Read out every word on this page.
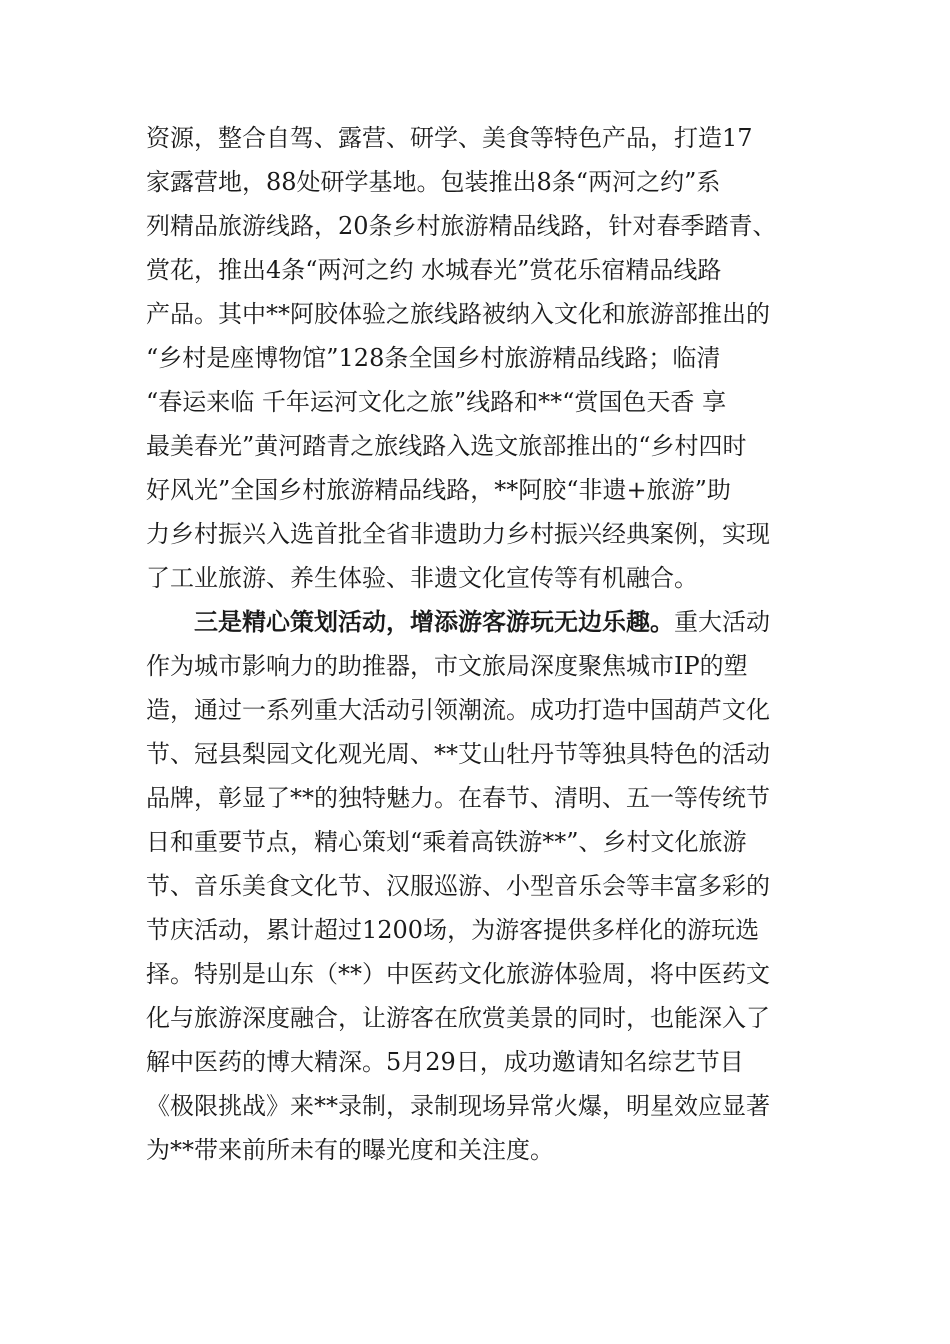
资源，整合自驾、露营、研学、美食等特色产品，打造17
家露营地，88处研学基地。包装推出8条“两河之约”系
列精品旅游线路，20条乡村旅游精品线路，针对春季踏青、
赏花，推出4条“两河之约 水城春光”赏花乐宿精品线路
产品。其中**阿胶体验之旅线路被纳入文化和旅游部推出的
“乡村是座博物馆”128条全国乡村旅游精品线路；临清
“春运来临 千年运河文化之旅”线路和**“赏国色天香 享
最美春光”黄河踏青之旅线路入选文旅部推出的“乡村四时
好风光”全国乡村旅游精品线路，**阿胶“非遗+旅游”助
力乡村振兴入选首批全省非遗助力乡村振兴经典案例，实现
了工业旅游、养生体验、非遗文化宣传等有机融合。
三是精心策划活动，增添游客游玩无边乐趣。重大活动
作为城市影响力的助推器，市文旅局深度聚焦城市IP的塑
造，通过一系列重大活动引领潮流。成功打造中国葫芦文化
节、冠县梨园文化观光周、**艾山牡丹节等独具特色的活动
品牌，彰显了**的独特魅力。在春节、清明、五一等传统节
日和重要节点，精心策划“乘着高铁游**”、乡村文化旅游
节、音乐美食文化节、汉服巡游、小型音乐会等丰富多彩的
节庆活动，累计超过1200场，为游客提供多样化的游玩选
择。特别是山东（**）中医药文化旅游体验周，将中医药文
化与旅游深度融合，让游客在欣赏美景的同时，也能深入了
解中医药的博大精深。5月29日，成功邀请知名综艺节目
《极限挑战》来**录制，录制现场异常火爆，明星效应显著
为**带来前所未有的曝光度和关注度。
